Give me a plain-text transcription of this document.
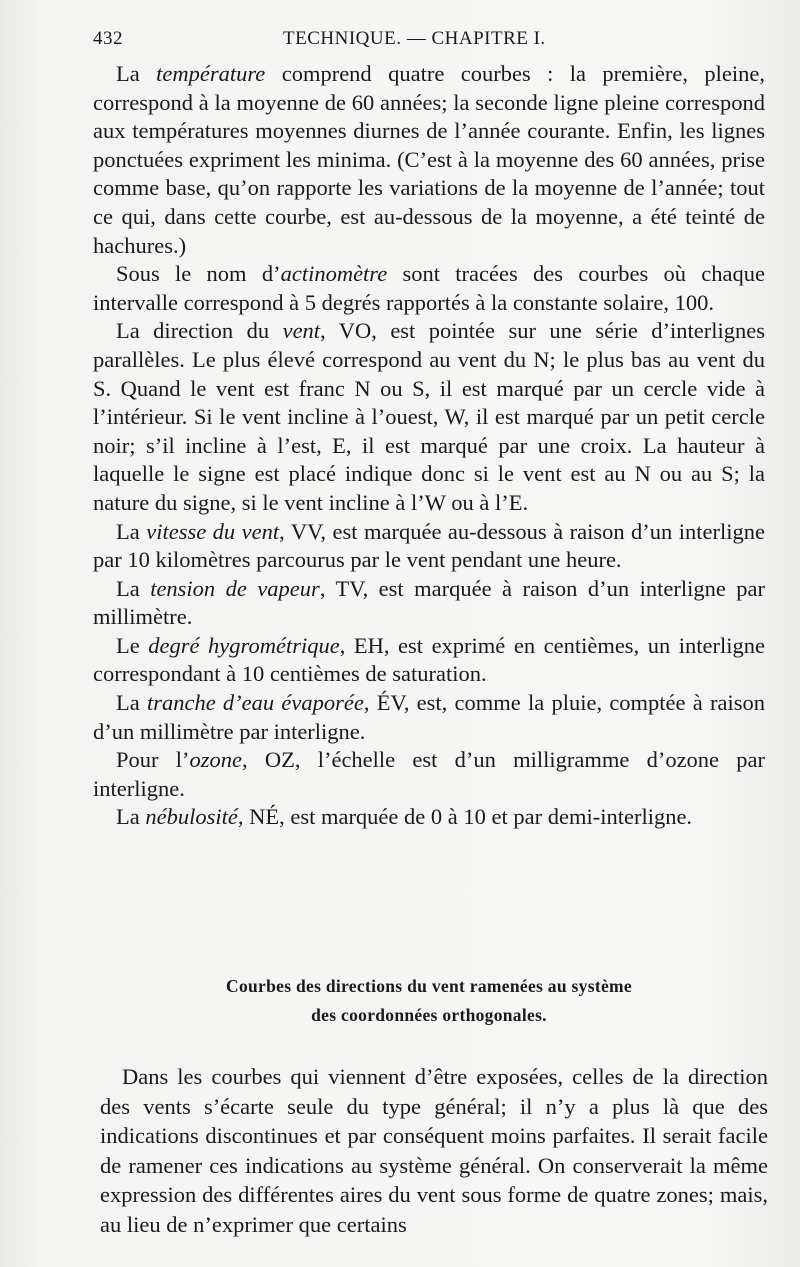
432	TECHNIQUE. — CHAPITRE I.

La température comprend quatre courbes : la première, pleine, correspond à la moyenne de 60 années; la seconde ligne pleine correspond aux températures moyennes diurnes de l’année courante. Enfin, les lignes ponctuées expriment les minima. (C’est à la moyenne des 60 années, prise comme base, qu’on rapporte les variations de la moyenne de l’année; tout ce qui, dans cette courbe, est au-dessous de la moyenne, a été teinté de hachures.)

Sous le nom d’actinomètre sont tracées des courbes où chaque intervalle correspond à 5 degrés rapportés à la constante solaire, 100.

La direction du vent, VO, est pointée sur une série d’interlignes parallèles. Le plus élevé correspond au vent du N; le plus bas au vent du S. Quand le vent est franc N ou S, il est marqué par un cercle vide à l’intérieur. Si le vent incline à l’ouest, W, il est marqué par un petit cercle noir; s’il incline à l’est, E, il est marqué par une croix. La hauteur à laquelle le signe est placé indique donc si le vent est au N ou au S; la nature du signe, si le vent incline à l’W ou à l’E.

La vitesse du vent, VV, est marquée au-dessous à raison d’un interligne par 10 kilomètres parcourus par le vent pendant une heure.

La tension de vapeur, TV, est marquée à raison d’un interligne par millimètre.

Le degré hygrométrique, EH, est exprimé en centièmes, un interligne correspondant à 10 centièmes de saturation.

La tranche d’eau évaporée, ÉV, est, comme la pluie, comptée à raison d’un millimètre par interligne.

Pour l’ozone, OZ, l’échelle est d’un milligramme d’ozone par interligne.

La nébulosité, NÉ, est marquée de 0 à 10 et par demi-interligne.

Courbes des directions du vent ramenées au système
des coordonnées orthogonales.

Dans les courbes qui viennent d’être exposées, celles de la direction des vents s’écarte seule du type général; il n’y a plus là que des indications discontinues et par conséquent moins parfaites. Il serait facile de ramener ces indications au système général. On conserverait la même expression des différentes aires du vent sous forme de quatre zones; mais, au lieu de n’exprimer que certains
